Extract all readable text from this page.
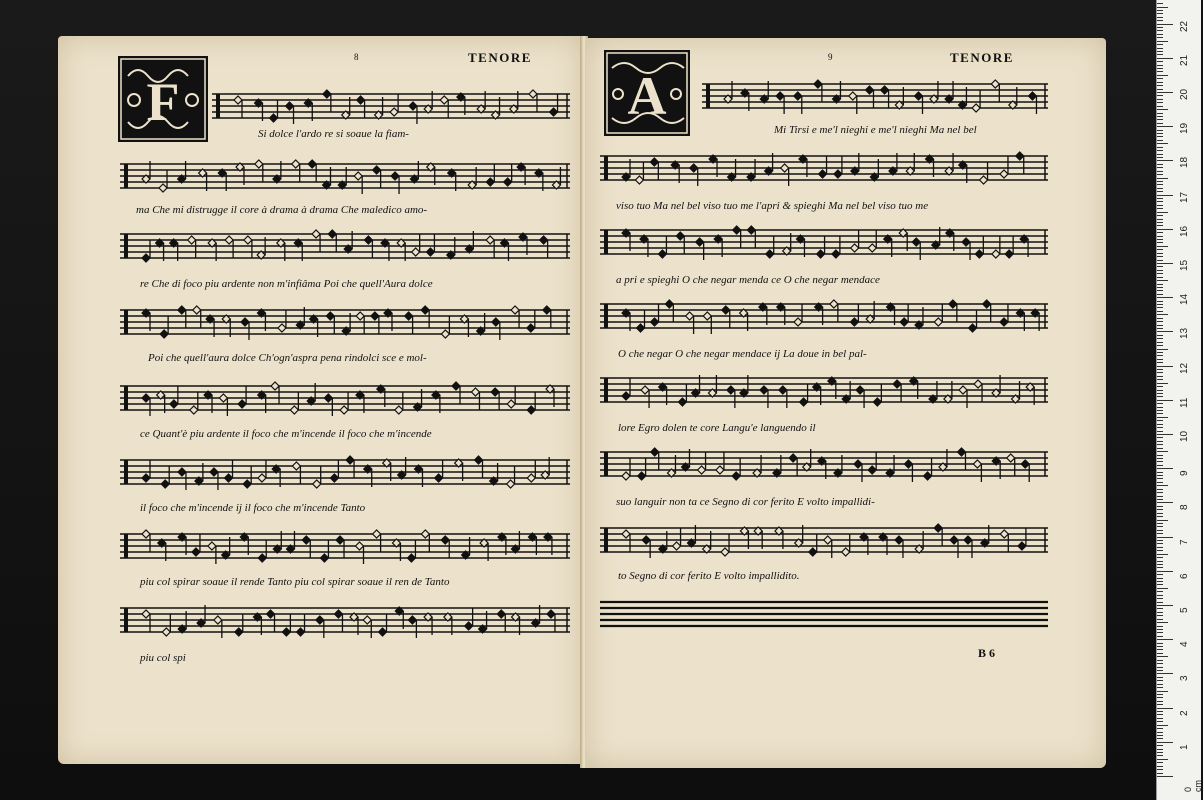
8	TENORE
F
Si dolce l'ardo re si soaue la fiam-
ma Che mi distrugge il core à drama à drama Che maledico amo-
re Che di foco piu ardente non m'infiâma Poi che quell'Aura dolce
Poi che quell'aura dolce Ch'ogn'aspra pena rindolci sce e mol-
ce Quant'è piu ardente il foco che m'incende il foco che m'incende
il foco che m'incende ij il foco che m'incende Tanto
piu col spirar soaue il rende Tanto piu col spirar soaue il ren de Tanto
piu col spi
9	TENORE
A
Mi Tirsi e me'l nieghi e me'l nieghi Ma nel bel
viso tuo Ma nel bel viso tuo me l'apri & spieghi Ma nel bel viso tuo me
a pri e spieghi O che negar menda ce O che negar mendace
O che negar O che negar mendace ij La doue in bel pal-
lore Egro dolen te core Langu'e languendo il
suo languir non ta ce Segno di cor ferito E volto impallidi-
to Segno di cor ferito E volto impallidito.
B 6
1
2
3
4
5
6
7
8
9
10
11
12
13
14
15
16
17
18
19
20
21
22
0 cm
